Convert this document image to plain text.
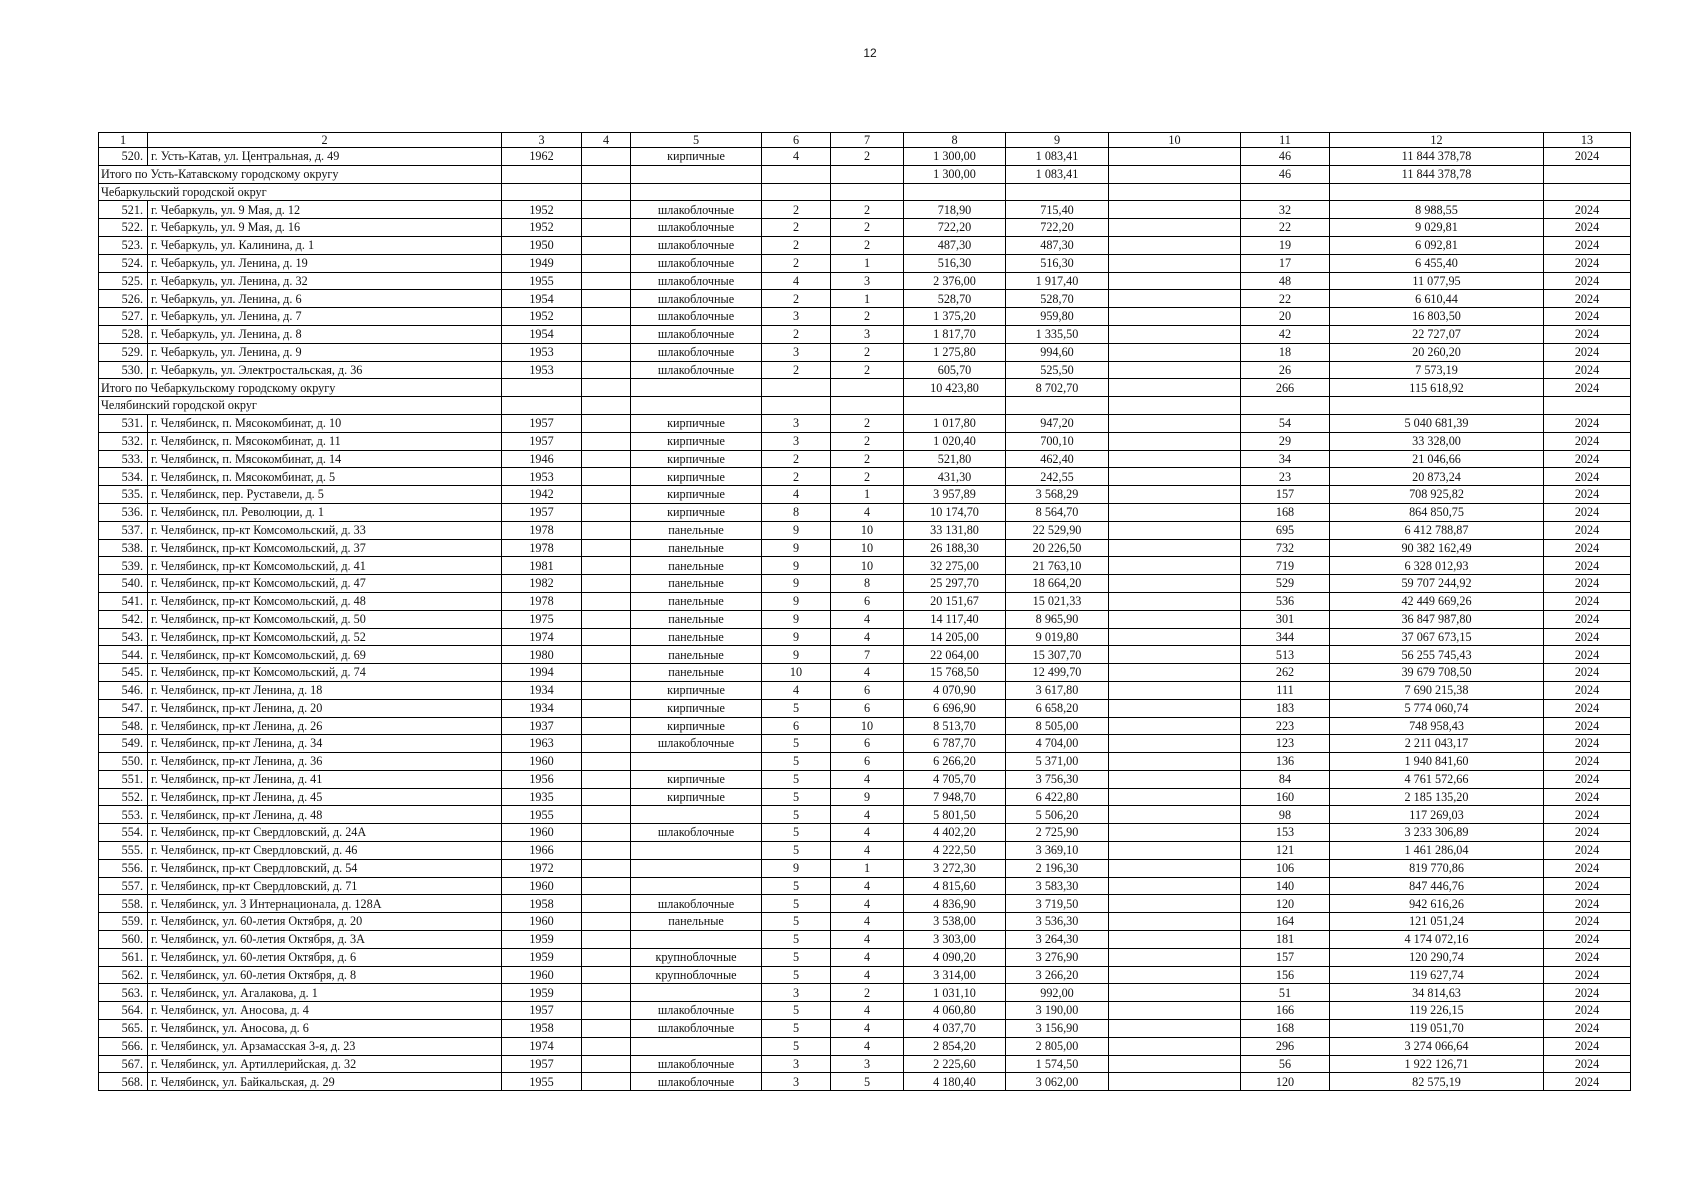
12
1	2	3	4	5	6	7	8	9	10	11	12	13
520.	г. Усть-Катав, ул. Центральная, д. 49	1962		кирпичные	4	2	1 300,00	1 083,41		46	11 844 378,78	2024
Итого по Усть-Катавскому городскому округу							1 300,00	1 083,41		46	11 844 378,78	
Чебаркульский городской округ												
521.	г. Чебаркуль, ул. 9 Мая, д. 12	1952		шлакоблочные	2	2	718,90	715,40		32	8 988,55	2024
522.	г. Чебаркуль, ул. 9 Мая, д. 16	1952		шлакоблочные	2	2	722,20	722,20		22	9 029,81	2024
523.	г. Чебаркуль, ул. Калинина, д. 1	1950		шлакоблочные	2	2	487,30	487,30		19	6 092,81	2024
524.	г. Чебаркуль, ул. Ленина, д. 19	1949		шлакоблочные	2	1	516,30	516,30		17	6 455,40	2024
525.	г. Чебаркуль, ул. Ленина, д. 32	1955		шлакоблочные	4	3	2 376,00	1 917,40		48	11 077,95	2024
526.	г. Чебаркуль, ул. Ленина, д. 6	1954		шлакоблочные	2	1	528,70	528,70		22	6 610,44	2024
527.	г. Чебаркуль, ул. Ленина, д. 7	1952		шлакоблочные	3	2	1 375,20	959,80		20	16 803,50	2024
528.	г. Чебаркуль, ул. Ленина, д. 8	1954		шлакоблочные	2	3	1 817,70	1 335,50		42	22 727,07	2024
529.	г. Чебаркуль, ул. Ленина, д. 9	1953		шлакоблочные	3	2	1 275,80	994,60		18	20 260,20	2024
530.	г. Чебаркуль, ул. Электростальская, д. 36	1953		шлакоблочные	2	2	605,70	525,50		26	7 573,19	2024
Итого по Чебаркульскому городскому округу							10 423,80	8 702,70		266	115 618,92	2024
Челябинский городской округ												
531.	г. Челябинск, п. Мясокомбинат, д. 10	1957		кирпичные	3	2	1 017,80	947,20		54	5 040 681,39	2024
532.	г. Челябинск, п. Мясокомбинат, д. 11	1957		кирпичные	3	2	1 020,40	700,10		29	33 328,00	2024
533.	г. Челябинск, п. Мясокомбинат, д. 14	1946		кирпичные	2	2	521,80	462,40		34	21 046,66	2024
534.	г. Челябинск, п. Мясокомбинат, д. 5	1953		кирпичные	2	2	431,30	242,55		23	20 873,24	2024
535.	г. Челябинск, пер. Руставели, д. 5	1942		кирпичные	4	1	3 957,89	3 568,29		157	708 925,82	2024
536.	г. Челябинск, пл. Революции, д. 1	1957		кирпичные	8	4	10 174,70	8 564,70		168	864 850,75	2024
537.	г. Челябинск, пр-кт Комсомольский, д. 33	1978		панельные	9	10	33 131,80	22 529,90		695	6 412 788,87	2024
538.	г. Челябинск, пр-кт Комсомольский, д. 37	1978		панельные	9	10	26 188,30	20 226,50		732	90 382 162,49	2024
539.	г. Челябинск, пр-кт Комсомольский, д. 41	1981		панельные	9	10	32 275,00	21 763,10		719	6 328 012,93	2024
540.	г. Челябинск, пр-кт Комсомольский, д. 47	1982		панельные	9	8	25 297,70	18 664,20		529	59 707 244,92	2024
541.	г. Челябинск, пр-кт Комсомольский, д. 48	1978		панельные	9	6	20 151,67	15 021,33		536	42 449 669,26	2024
542.	г. Челябинск, пр-кт Комсомольский, д. 50	1975		панельные	9	4	14 117,40	8 965,90		301	36 847 987,80	2024
543.	г. Челябинск, пр-кт Комсомольский, д. 52	1974		панельные	9	4	14 205,00	9 019,80		344	37 067 673,15	2024
544.	г. Челябинск, пр-кт Комсомольский, д. 69	1980		панельные	9	7	22 064,00	15 307,70		513	56 255 745,43	2024
545.	г. Челябинск, пр-кт Комсомольский, д. 74	1994		панельные	10	4	15 768,50	12 499,70		262	39 679 708,50	2024
546.	г. Челябинск, пр-кт Ленина, д. 18	1934		кирпичные	4	6	4 070,90	3 617,80		111	7 690 215,38	2024
547.	г. Челябинск, пр-кт Ленина, д. 20	1934		кирпичные	5	6	6 696,90	6 658,20		183	5 774 060,74	2024
548.	г. Челябинск, пр-кт Ленина, д. 26	1937		кирпичные	6	10	8 513,70	8 505,00		223	748 958,43	2024
549.	г. Челябинск, пр-кт Ленина, д. 34	1963		шлакоблочные	5	6	6 787,70	4 704,00		123	2 211 043,17	2024
550.	г. Челябинск, пр-кт Ленина, д. 36	1960			5	6	6 266,20	5 371,00		136	1 940 841,60	2024
551.	г. Челябинск, пр-кт Ленина, д. 41	1956		кирпичные	5	4	4 705,70	3 756,30		84	4 761 572,66	2024
552.	г. Челябинск, пр-кт Ленина, д. 45	1935		кирпичные	5	9	7 948,70	6 422,80		160	2 185 135,20	2024
553.	г. Челябинск, пр-кт Ленина, д. 48	1955			5	4	5 801,50	5 506,20		98	117 269,03	2024
554.	г. Челябинск, пр-кт Свердловский, д. 24А	1960		шлакоблочные	5	4	4 402,20	2 725,90		153	3 233 306,89	2024
555.	г. Челябинск, пр-кт Свердловский, д. 46	1966			5	4	4 222,50	3 369,10		121	1 461 286,04	2024
556.	г. Челябинск, пр-кт Свердловский, д. 54	1972			9	1	3 272,30	2 196,30		106	819 770,86	2024
557.	г. Челябинск, пр-кт Свердловский, д. 71	1960			5	4	4 815,60	3 583,30		140	847 446,76	2024
558.	г. Челябинск, ул. 3 Интернационала, д. 128А	1958		шлакоблочные	5	4	4 836,90	3 719,50		120	942 616,26	2024
559.	г. Челябинск, ул. 60-летия Октября, д. 20	1960		панельные	5	4	3 538,00	3 536,30		164	121 051,24	2024
560.	г. Челябинск, ул. 60-летия Октября, д. 3А	1959			5	4	3 303,00	3 264,30		181	4 174 072,16	2024
561.	г. Челябинск, ул. 60-летия Октября, д. 6	1959		крупноблочные	5	4	4 090,20	3 276,90		157	120 290,74	2024
562.	г. Челябинск, ул. 60-летия Октября, д. 8	1960		крупноблочные	5	4	3 314,00	3 266,20		156	119 627,74	2024
563.	г. Челябинск, ул. Агалакова, д. 1	1959			3	2	1 031,10	992,00		51	34 814,63	2024
564.	г. Челябинск, ул. Аносова, д. 4	1957		шлакоблочные	5	4	4 060,80	3 190,00		166	119 226,15	2024
565.	г. Челябинск, ул. Аносова, д. 6	1958		шлакоблочные	5	4	4 037,70	3 156,90		168	119 051,70	2024
566.	г. Челябинск, ул. Арзамасская 3-я, д. 23	1974			5	4	2 854,20	2 805,00		296	3 274 066,64	2024
567.	г. Челябинск, ул. Артиллерийская, д. 32	1957		шлакоблочные	3	3	2 225,60	1 574,50		56	1 922 126,71	2024
568.	г. Челябинск, ул. Байкальская, д. 29	1955		шлакоблочные	3	5	4 180,40	3 062,00		120	82 575,19	2024
